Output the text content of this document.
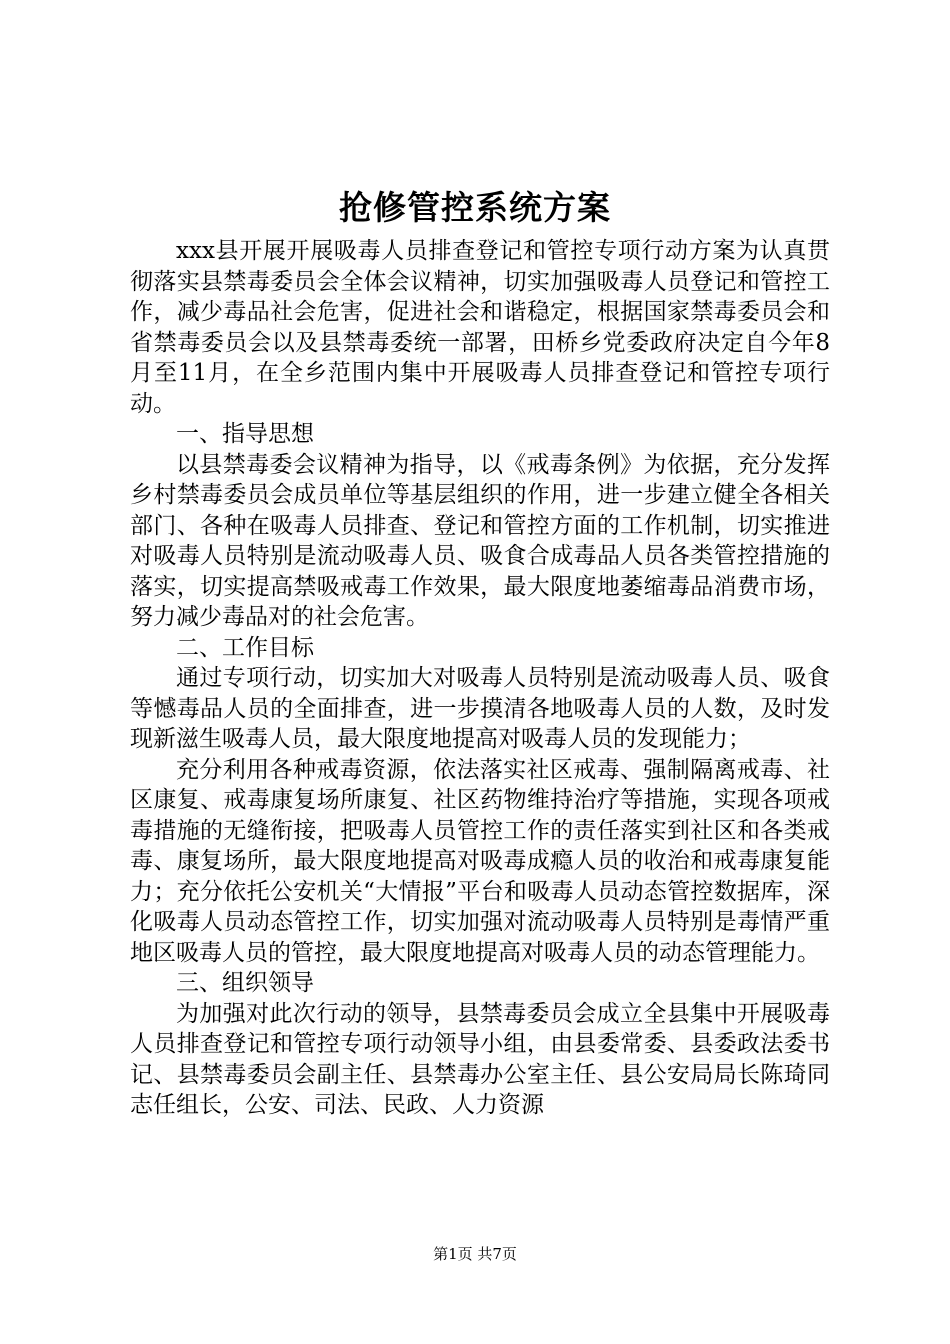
抢修管控系统方案

xxx县开展开展吸毒人员排查登记和管控专项行动方案为认真贯彻落实县禁毒委员会全体会议精神，切实加强吸毒人员登记和管控工作，减少毒品社会危害，促进社会和谐稳定，根据国家禁毒委员会和省禁毒委员会以及县禁毒委统一部署，田桥乡党委政府决定自今年8月至11月，在全乡范围内集中开展吸毒人员排查登记和管控专项行动。

一、指导思想

以县禁毒委会议精神为指导，以《戒毒条例》为依据，充分发挥乡村禁毒委员会成员单位等基层组织的作用，进一步建立健全各相关部门、各种在吸毒人员排查、登记和管控方面的工作机制，切实推进对吸毒人员特别是流动吸毒人员、吸食合成毒品人员各类管控措施的落实，切实提高禁吸戒毒工作效果，最大限度地萎缩毒品消费市场，努力减少毒品对的社会危害。

二、工作目标

通过专项行动，切实加大对吸毒人员特别是流动吸毒人员、吸食等憾毒品人员的全面排查，进一步摸清各地吸毒人员的人数，及时发现新滋生吸毒人员，最大限度地提高对吸毒人员的发现能力；

充分利用各种戒毒资源，依法落实社区戒毒、强制隔离戒毒、社区康复、戒毒康复场所康复、社区药物维持治疗等措施，实现各项戒毒措施的无缝衔接，把吸毒人员管控工作的责任落实到社区和各类戒毒、康复场所，最大限度地提高对吸毒成瘾人员的收治和戒毒康复能力；充分依托公安机关“大情报”平台和吸毒人员动态管控数据库，深化吸毒人员动态管控工作，切实加强对流动吸毒人员特别是毒情严重地区吸毒人员的管控，最大限度地提高对吸毒人员的动态管理能力。

三、组织领导

为加强对此次行动的领导，县禁毒委员会成立全县集中开展吸毒人员排查登记和管控专项行动领导小组，由县委常委、县委政法委书记、县禁毒委员会副主任、县禁毒办公室主任、县公安局局长陈琦同志任组长，公安、司法、民政、人力资源

第1页 共7页
